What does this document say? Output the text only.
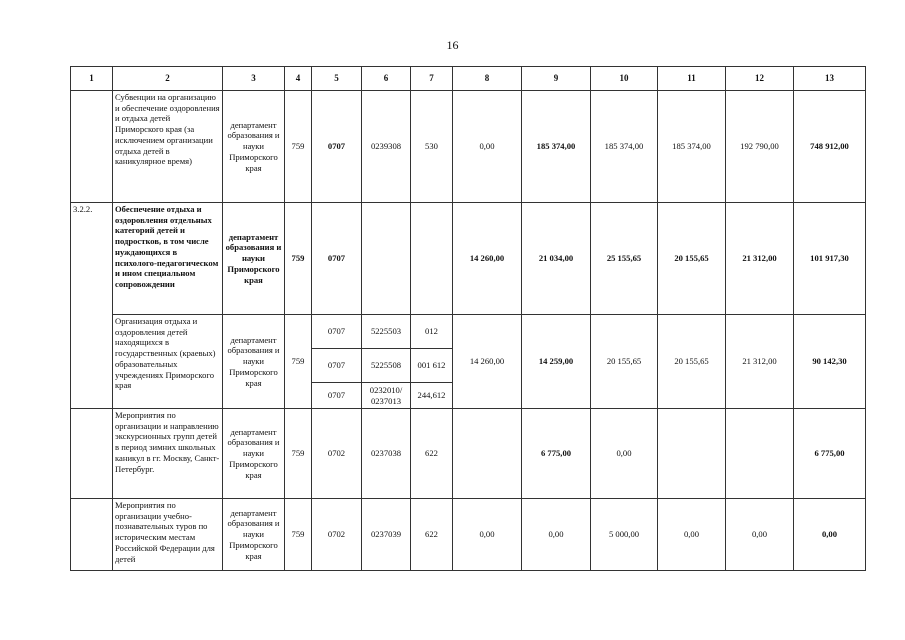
16
1	2	3	4	5	6	7	8	9	10	11	12	13
	Субвенции на организацию и обеспечение оздоровления и отдыха детей Приморского края (за исключением организации отдыха детей в каникулярное время)	департамент образования и науки Приморского края	759	0707	0239308	530	0,00	185 374,00	185 374,00	185 374,00	192 790,00	748 912,00
3.2.2.	Обеспечение отдыха и оздоровления отдельных категорий детей и подростков, в том числе нуждающихся в психолого-педагогическом и ином специальном сопровождении	департамент образования и науки Приморского края	759	0707			14 260,00	21 034,00	25 155,65	20 155,65	21 312,00	101 917,30
	Организация отдыха и оздоровления детей находящихся в государственных (краевых) образовательных учреждениях Приморского края	департамент образования и науки Приморского края	759	0707	5225503	012	14 260,00	14 259,00	20 155,65	20 155,65	21 312,00	90 142,30
				0707	5225508	001 612						
				0707	0232010/ 0237013	244,612						
	Мероприятия по организации и направлению экскурсионных групп детей в период зимних школьных каникул в гг. Москву, Санкт-Петербург.	департамент образования и науки Приморского края	759	0702	0237038	622		6 775,00	0,00			6 775,00
	Мероприятия по организации учебно-познавательных туров по историческим местам Российской Федерации для детей	департамент образования и науки Приморского края	759	0702	0237039	622	0,00	0,00	5 000,00	0,00	0,00	0,00
